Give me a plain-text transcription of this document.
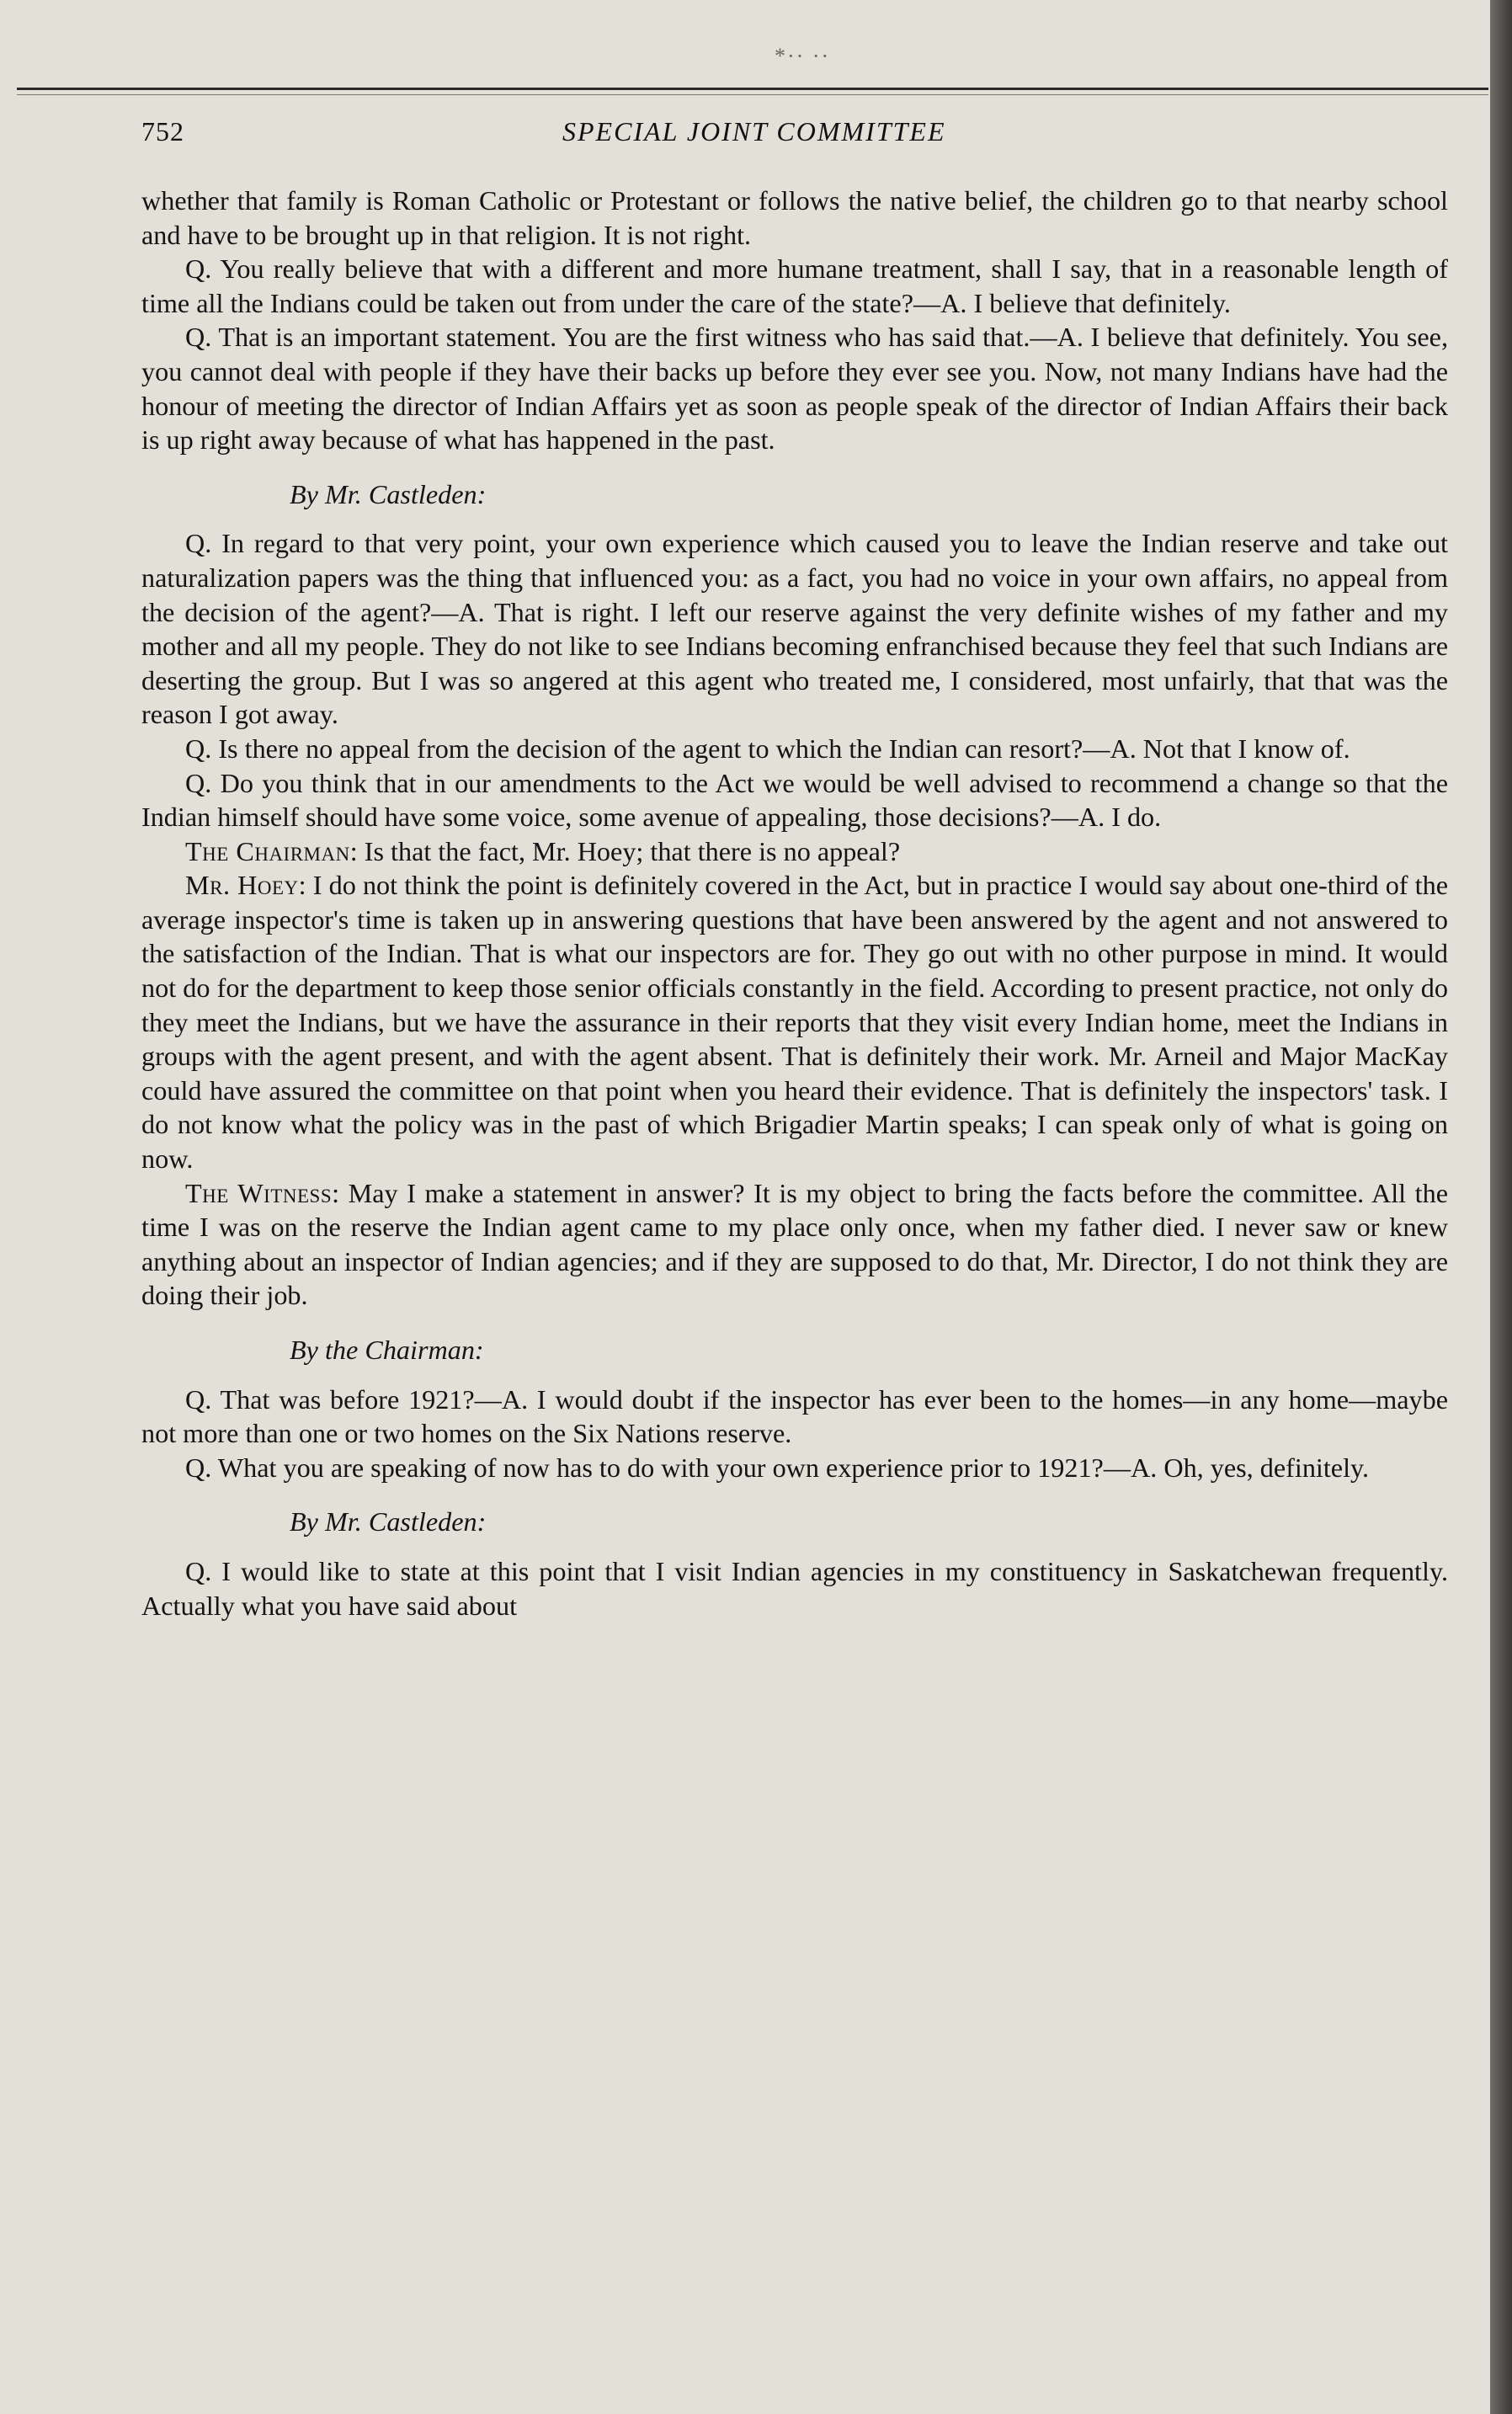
*·· ··
752	SPECIAL JOINT COMMITTEE

whether that family is Roman Catholic or Protestant or follows the native belief, the children go to that nearby school and have to be brought up in that religion. It is not right.

Q. You really believe that with a different and more humane treatment, shall I say, that in a reasonable length of time all the Indians could be taken out from under the care of the state?—A. I believe that definitely.

Q. That is an important statement. You are the first witness who has said that.—A. I believe that definitely. You see, you cannot deal with people if they have their backs up before they ever see you. Now, not many Indians have had the honour of meeting the director of Indian Affairs yet as soon as people speak of the director of Indian Affairs their back is up right away because of what has happened in the past.

By Mr. Castleden:

Q. In regard to that very point, your own experience which caused you to leave the Indian reserve and take out naturalization papers was the thing that influenced you: as a fact, you had no voice in your own affairs, no appeal from the decision of the agent?—A. That is right. I left our reserve against the very definite wishes of my father and my mother and all my people. They do not like to see Indians becoming enfranchised because they feel that such Indians are deserting the group. But I was so angered at this agent who treated me, I considered, most unfairly, that that was the reason I got away.

Q. Is there no appeal from the decision of the agent to which the Indian can resort?—A. Not that I know of.

Q. Do you think that in our amendments to the Act we would be well advised to recommend a change so that the Indian himself should have some voice, some avenue of appealing, those decisions?—A. I do.

The Chairman: Is that the fact, Mr. Hoey; that there is no appeal?

Mr. Hoey: I do not think the point is definitely covered in the Act, but in practice I would say about one-third of the average inspector's time is taken up in answering questions that have been answered by the agent and not answered to the satisfaction of the Indian. That is what our inspectors are for. They go out with no other purpose in mind. It would not do for the department to keep those senior officials constantly in the field. According to present practice, not only do they meet the Indians, but we have the assurance in their reports that they visit every Indian home, meet the Indians in groups with the agent present, and with the agent absent. That is definitely their work. Mr. Arneil and Major MacKay could have assured the committee on that point when you heard their evidence. That is definitely the inspectors' task. I do not know what the policy was in the past of which Brigadier Martin speaks; I can speak only of what is going on now.

The Witness: May I make a statement in answer? It is my object to bring the facts before the committee. All the time I was on the reserve the Indian agent came to my place only once, when my father died. I never saw or knew anything about an inspector of Indian agencies; and if they are supposed to do that, Mr. Director, I do not think they are doing their job.

By the Chairman:

Q. That was before 1921?—A. I would doubt if the inspector has ever been to the homes—in any home—maybe not more than one or two homes on the Six Nations reserve.

Q. What you are speaking of now has to do with your own experience prior to 1921?—A. Oh, yes, definitely.

By Mr. Castleden:

Q. I would like to state at this point that I visit Indian agencies in my constituency in Saskatchewan frequently. Actually what you have said about
